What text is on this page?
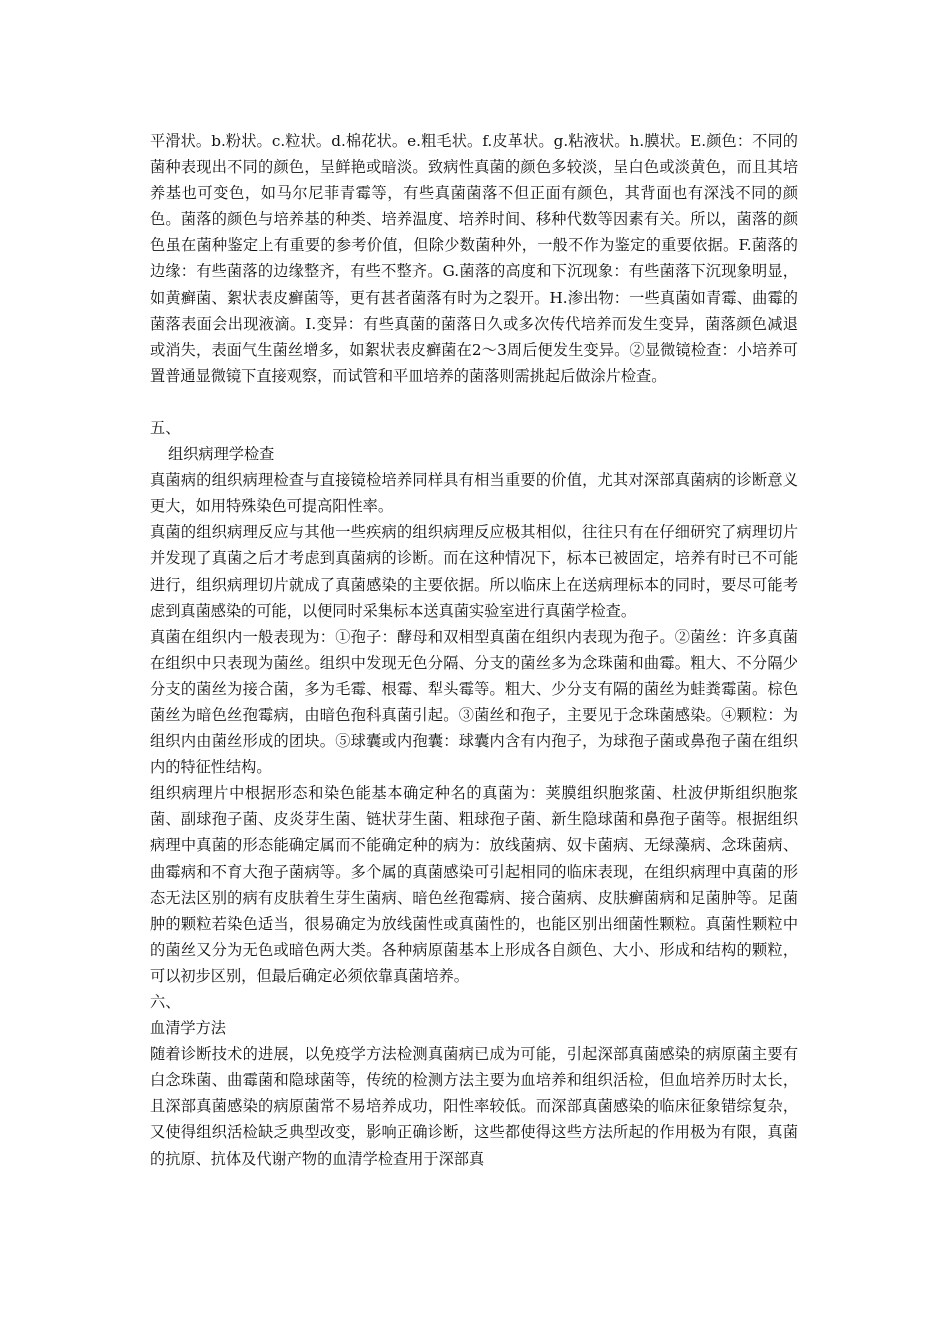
平滑状。b.粉状。c.粒状。d.棉花状。e.粗毛状。f.皮革状。g.粘液状。h.膜状。E.颜色：不同的菌种表现出不同的颜色，呈鲜艳或暗淡。致病性真菌的颜色多较淡，呈白色或淡黄色，而且其培养基也可变色，如马尔尼菲青霉等，有些真菌菌落不但正面有颜色，其背面也有深浅不同的颜色。菌落的颜色与培养基的种类、培养温度、培养时间、移种代数等因素有关。所以，菌落的颜色虽在菌种鉴定上有重要的参考价值，但除少数菌种外，一般不作为鉴定的重要依据。F.菌落的边缘：有些菌落的边缘整齐，有些不整齐。G.菌落的高度和下沉现象：有些菌落下沉现象明显，如黄癣菌、絮状表皮癣菌等，更有甚者菌落有时为之裂开。H.渗出物：一些真菌如青霉、曲霉的菌落表面会出现液滴。I.变异：有些真菌的菌落日久或多次传代培养而发生变异，菌落颜色减退或消失，表面气生菌丝增多，如絮状表皮癣菌在2～3周后便发生变异。②显微镜检查：小培养可置普通显微镜下直接观察，而试管和平皿培养的菌落则需挑起后做涂片检查。

五、

组织病理学检查

真菌病的组织病理检查与直接镜检培养同样具有相当重要的价值，尤其对深部真菌病的诊断意义更大，如用特殊染色可提高阳性率。

真菌的组织病理反应与其他一些疾病的组织病理反应极其相似，往往只有在仔细研究了病理切片并发现了真菌之后才考虑到真菌病的诊断。而在这种情况下，标本已被固定，培养有时已不可能进行，组织病理切片就成了真菌感染的主要依据。所以临床上在送病理标本的同时，要尽可能考虑到真菌感染的可能，以便同时采集标本送真菌实验室进行真菌学检查。

真菌在组织内一般表现为：①孢子：酵母和双相型真菌在组织内表现为孢子。②菌丝：许多真菌在组织中只表现为菌丝。组织中发现无色分隔、分支的菌丝多为念珠菌和曲霉。粗大、不分隔少分支的菌丝为接合菌，多为毛霉、根霉、犁头霉等。粗大、少分支有隔的菌丝为蛙粪霉菌。棕色菌丝为暗色丝孢霉病，由暗色孢科真菌引起。③菌丝和孢子，主要见于念珠菌感染。④颗粒：为组织内由菌丝形成的团块。⑤球囊或内孢囊：球囊内含有内孢子，为球孢子菌或鼻孢子菌在组织内的特征性结构。

组织病理片中根据形态和染色能基本确定种名的真菌为：荚膜组织胞浆菌、杜波伊斯组织胞浆菌、副球孢子菌、皮炎芽生菌、链状芽生菌、粗球孢子菌、新生隐球菌和鼻孢子菌等。根据组织病理中真菌的形态能确定属而不能确定种的病为：放线菌病、奴卡菌病、无绿藻病、念珠菌病、曲霉病和不育大孢子菌病等。多个属的真菌感染可引起相同的临床表现，在组织病理中真菌的形态无法区别的病有皮肤着生芽生菌病、暗色丝孢霉病、接合菌病、皮肤癣菌病和足菌肿等。足菌肿的颗粒若染色适当，很易确定为放线菌性或真菌性的，也能区别出细菌性颗粒。真菌性颗粒中的菌丝又分为无色或暗色两大类。各种病原菌基本上形成各自颜色、大小、形成和结构的颗粒，可以初步区别，但最后确定必须依靠真菌培养。

六、

血清学方法

随着诊断技术的进展，以免疫学方法检测真菌病已成为可能，引起深部真菌感染的病原菌主要有白念珠菌、曲霉菌和隐球菌等，传统的检测方法主要为血培养和组织活检，但血培养历时太长，且深部真菌感染的病原菌常不易培养成功，阳性率较低。而深部真菌感染的临床征象错综复杂，又使得组织活检缺乏典型改变，影响正确诊断，这些都使得这些方法所起的作用极为有限，真菌的抗原、抗体及代谢产物的血清学检查用于深部真
